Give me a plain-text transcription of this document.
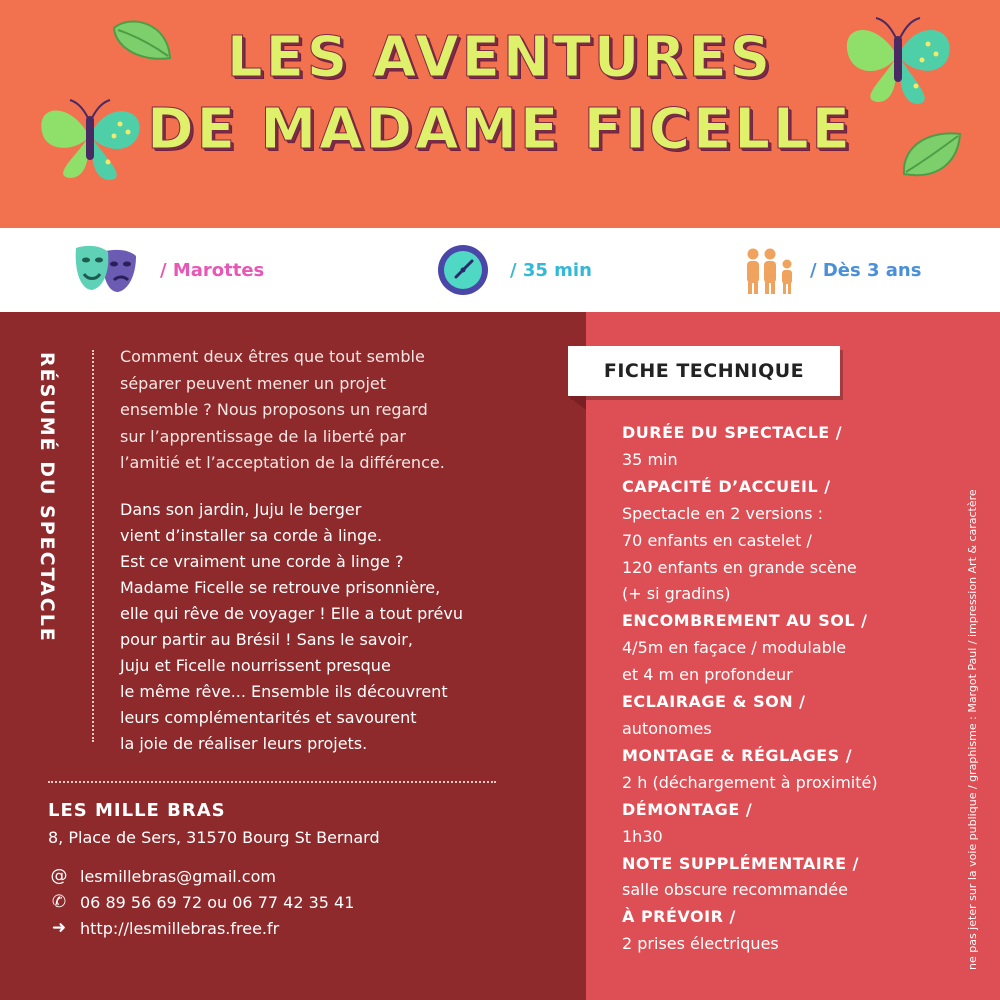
LES AVENTURES
DE MADAME FICELLE
/ Marottes	/ 35 min	/ Dès 3 ans
RÉSUMÉ DU SPECTACLE	Comment deux êtres que tout semble
séparer peuvent mener un projet
ensemble ? Nous proposons un regard
sur l’apprentissage de la liberté par
l’amitié et l’acceptation de la différence.

Dans son jardin, Juju le berger
vient d’installer sa corde à linge.
Est ce vraiment une corde à linge ?
Madame Ficelle se retrouve prisonnière,
elle qui rêve de voyager ! Elle a tout prévu
pour partir au Brésil ! Sans le savoir,
Juju et Ficelle nourrissent presque
le même rêve... Ensemble ils découvrent
leurs complémentarités et savourent
la joie de réaliser leurs projets.

LES MILLE BRAS
8, Place de Sers, 31570 Bourg St Bernard
@ lesmillebras@gmail.com
✆ 06 89 56 69 72 ou 06 77 42 35 41
➜ http://lesmillebras.free.fr
FICHE TECHNIQUE
DURÉE DU SPECTACLE /
35 min
CAPACITÉ D’ACCUEIL /
Spectacle en 2 versions :
70 enfants en castelet /
120 enfants en grande scène
(+ si gradins)
ENCOMBREMENT AU SOL /
4/5m en façace / modulable
et 4 m en profondeur
ECLAIRAGE & SON /
autonomes
MONTAGE & RÉGLAGES /
2 h (déchargement à proximité)
DÉMONTAGE /
1h30
NOTE SUPPLÉMENTAIRE /
salle obscure recommandée
À PRÉVOIR /
2 prises électriques	ne pas jeter sur la voie publique / graphisme : Margot Paul / impression Art & caractère
